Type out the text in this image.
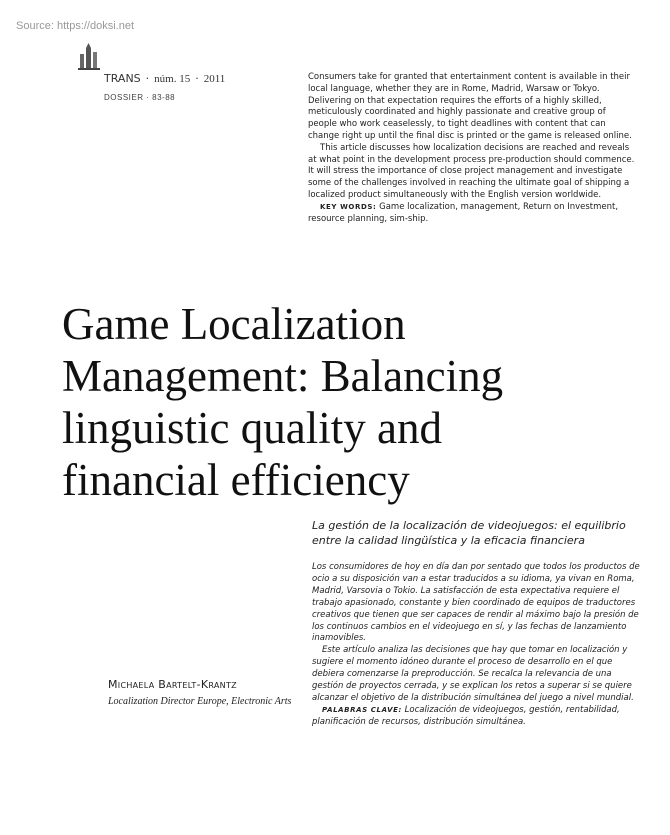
Source: https://doksi.net
TRANS · núm. 15 · 2011
DOSSIER · 83-88

Consumers take for granted that entertainment content is available in their local language, whether they are in Rome, Madrid, Warsaw or Tokyo. Delivering on that expectation requires the efforts of a highly skilled, meticulously coordinated and highly passionate and creative group of people who work ceaselessly, to tight deadlines with content that can change right up until the final disc is printed or the game is released online.

This article discusses how localization decisions are reached and reveals at what point in the development process pre-production should commence. It will stress the importance of close project management and investigate some of the challenges involved in reaching the ultimate goal of shipping a localized product simultaneously with the English version worldwide.

KEY WORDS: Game localization, management, Return on Investment, resource planning, sim-ship.

Game Localization
Management: Balancing
linguistic quality and
financial efficiency
La gestión de la localización de videojuegos: el equilibrio
entre la calidad lingüística y la eficacia financiera

Los consumidores de hoy en día dan por sentado que todos los productos de ocio a su disposición van a estar traducidos a su idioma, ya vivan en Roma, Madrid, Varsovia o Tokio. La satisfacción de esta expectativa requiere el trabajo apasionado, constante y bien coordinado de equipos de traductores creativos que tienen que ser capaces de rendir al máximo bajo la presión de los continuos cambios en el videojuego en sí, y las fechas de lanzamiento inamovibles.

Este artículo analiza las decisiones que hay que tomar en localización y sugiere el momento idóneo durante el proceso de desarrollo en el que debiera comenzarse la preproducción. Se recalca la relevancia de una gestión de proyectos cerrada, y se explican los retos a superar si se quiere alcanzar el objetivo de la distribución simultánea del juego a nivel mundial.

PALABRAS CLAVE: Localización de videojuegos, gestión, rentabilidad, planificación de recursos, distribución simultánea.

Michaela Bartelt-Krantz
Localization Director Europe, Electronic Arts
